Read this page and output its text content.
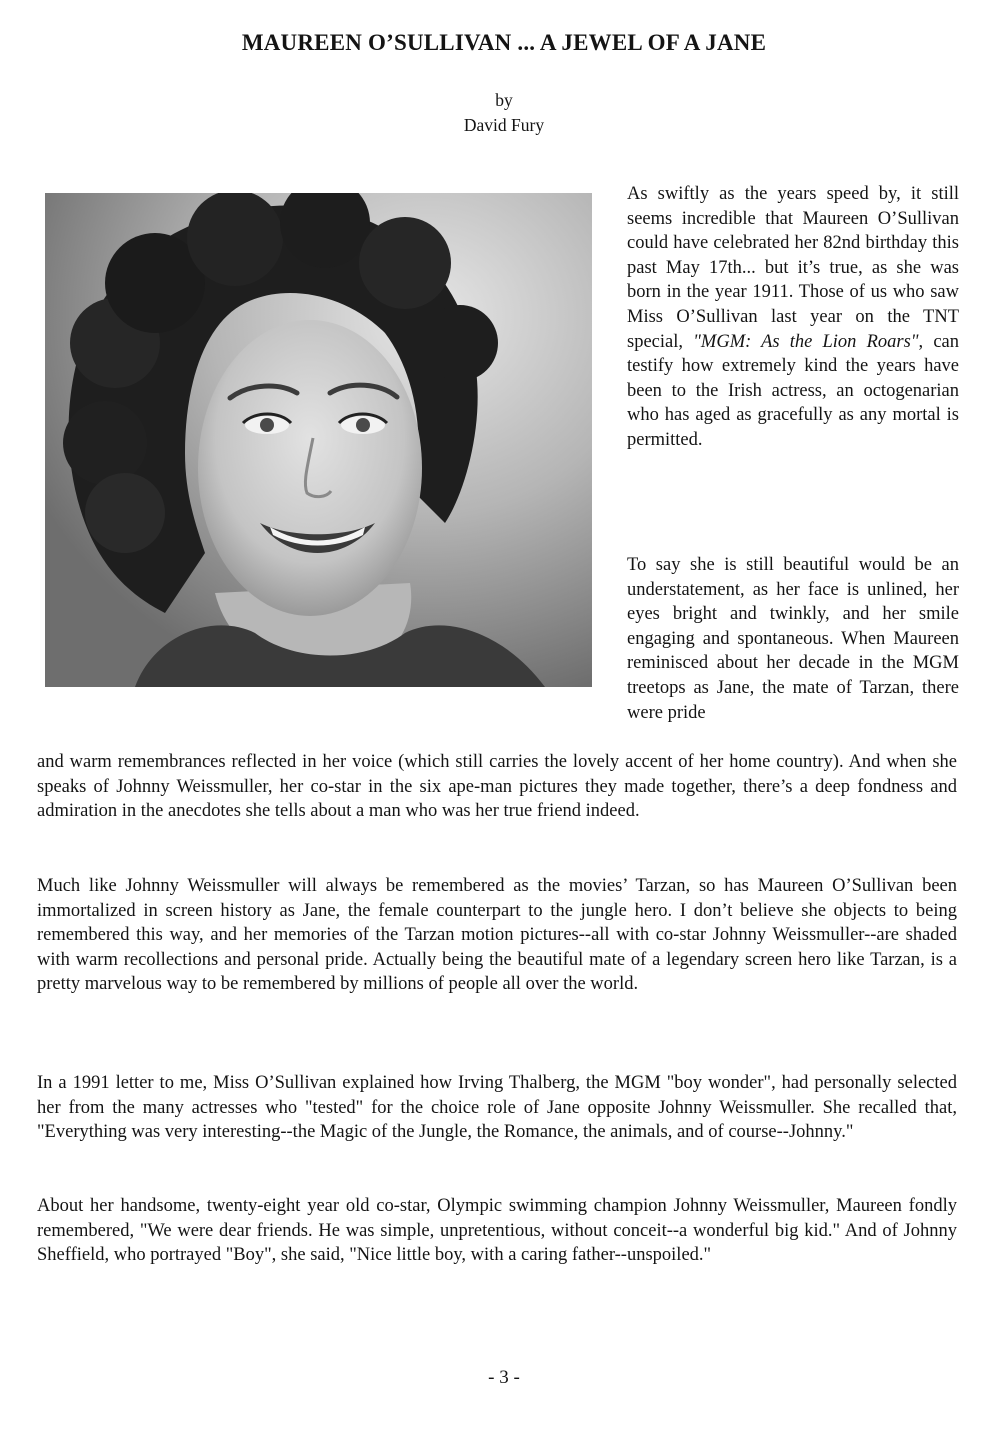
MAUREEN O’SULLIVAN ... A JEWEL OF A JANE
by
David Fury
As swiftly as the years speed by, it still seems incredible that Maureen O’Sullivan could have celebrated her 82nd birthday this past May 17th... but it’s true, as she was born in the year 1911. Those of us who saw Miss O’Sullivan last year on the TNT special, "MGM: As the Lion Roars", can testify how extremely kind the years have been to the Irish actress, an octogenarian who has aged as gracefully as any mortal is permitted.
To say she is still beautiful would be an understatement, as her face is unlined, her eyes bright and twinkly, and her smile engaging and spontaneous. When Maureen reminisced about her decade in the MGM treetops as Jane, the mate of Tarzan, there were pride
and warm remembrances reflected in her voice (which still carries the lovely accent of her home country). And when she speaks of Johnny Weissmuller, her co-star in the six ape-man pictures they made together, there’s a deep fondness and admiration in the anecdotes she tells about a man who was her true friend indeed.
Much like Johnny Weissmuller will always be remembered as the movies’ Tarzan, so has Maureen O’Sullivan been immortalized in screen history as Jane, the female counterpart to the jungle hero. I don’t believe she objects to being remembered this way, and her memories of the Tarzan motion pictures--all with co-star Johnny Weissmuller--are shaded with warm recollections and personal pride. Actually being the beautiful mate of a legendary screen hero like Tarzan, is a pretty marvelous way to be remembered by millions of people all over the world.
In a 1991 letter to me, Miss O’Sullivan explained how Irving Thalberg, the MGM "boy wonder", had personally selected her from the many actresses who "tested" for the choice role of Jane opposite Johnny Weissmuller. She recalled that, "Everything was very interesting--the Magic of the Jungle, the Romance, the animals, and of course--Johnny."
About her handsome, twenty-eight year old co-star, Olympic swimming champion Johnny Weissmuller, Maureen fondly remembered, "We were dear friends. He was simple, unpretentious, without conceit--a wonderful big kid." And of Johnny Sheffield, who portrayed "Boy", she said, "Nice little boy, with a caring father--unspoiled."
- 3 -
